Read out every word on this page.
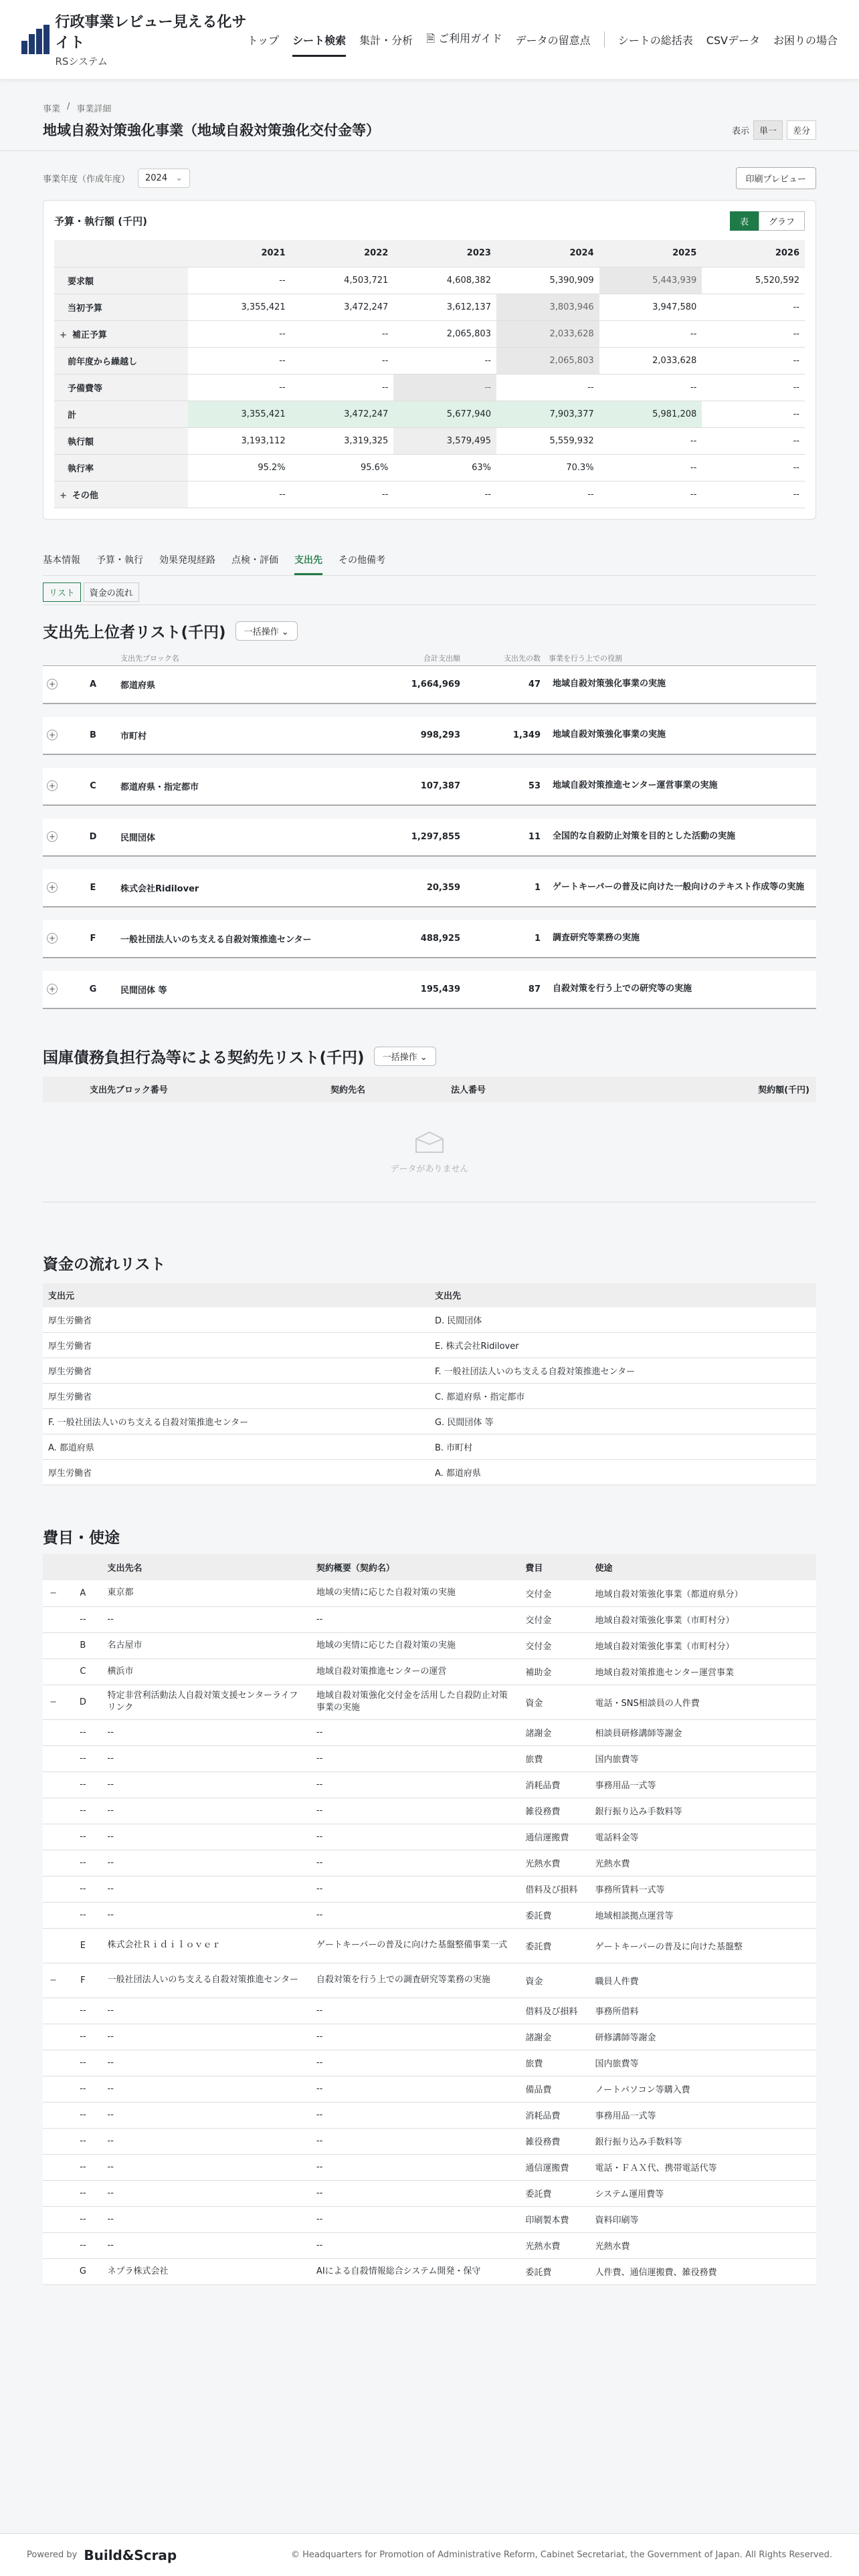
行政事業レビュー見える化サイト
RSシステム
トップ シート検索 集計・分析 🗎 ご利用ガイド データの留意点	シートの総括表 CSVデータ お困りの場合
事業 / 事業詳細
地域自殺対策強化事業（地域自殺対策強化交付金等）	表示	単一	差分
事業年度（作成年度）	2024 ⌄	印刷プレビュー
予算・執行額 (千円)	表	グラフ
	2021	2022	2023	2024	2025	2026
要求額	--	4,503,721	4,608,382	5,390,909	5,443,939	5,520,592
当初予算	3,355,421	3,472,247	3,612,137	3,803,946	3,947,580	--
+ 補正予算	--	--	2,065,803	2,033,628	--	--
前年度から繰越し	--	--	--	2,065,803	2,033,628	--
予備費等	--	--	--	--	--	--
計	3,355,421	3,472,247	5,677,940	7,903,377	5,981,208	--
執行額	3,193,112	3,319,325	3,579,495	5,559,932	--	--
執行率	95.2%	95.6%	63%	70.3%	--	--
+ その他	--	--	--	--	--	--
基本情報 予算・執行 効果発現経路 点検・評価 支出先 その他備考
リスト	資金の流れ
支出先上位者リスト(千円)	一括操作 ⌄
		支出先ブロック名	合計支出額	支出先の数	事業を行う上での役割
+	A	都道府県	1,664,969	47	地域自殺対策強化事業の実施

+	B	市町村	998,293	1,349	地域自殺対策強化事業の実施

+	C	都道府県・指定都市	107,387	53	地域自殺対策推進センター運営事業の実施

+	D	民間団体	1,297,855	11	全国的な自殺防止対策を目的とした活動の実施

+	E	株式会社Ridilover	20,359	1	ゲートキーパーの普及に向けた一般向けのテキスト作成等の実施

+	F	一般社団法人いのち支える自殺対策推進センター	488,925	1	調査研究等業務の実施

+	G	民間団体 等	195,439	87	自殺対策を行う上での研究等の実施
国庫債務負担行為等による契約先リスト(千円)	一括操作 ⌄
支出先ブロック番号	契約先名	法人番号	契約額(千円)
データがありません
資金の流れリスト
支出元	支出先
厚生労働省	D. 民間団体
厚生労働省	E. 株式会社Ridilover
厚生労働省	F. 一般社団法人いのち支える自殺対策推進センター
厚生労働省	C. 都道府県・指定都市
F. 一般社団法人いのち支える自殺対策推進センター	G. 民間団体 等
A. 都道府県	B. 市町村
厚生労働省	A. 都道府県
費目・使途
		支出先名	契約概要（契約名）	費目	使途
−	A	東京都	地域の実情に応じた自殺対策の実施	交付金	地域自殺対策強化事業（都道府県分）
	--	--	--	交付金	地域自殺対策強化事業（市町村分）
	B	名古屋市	地域の実情に応じた自殺対策の実施	交付金	地域自殺対策強化事業（市町村分）
	C	横浜市	地域自殺対策推進センターの運営	補助金	地域自殺対策推進センター運営事業
−	D	特定非営利活動法人自殺対策支援センターライフリンク	地域自殺対策強化交付金を活用した自殺防止対策事業の実施	資金	電話・SNS相談員の人件費
	--	--	--	諸謝金	相談員研修講師等謝金
	--	--	--	旅費	国内旅費等
	--	--	--	消耗品費	事務用品一式等
	--	--	--	雑役務費	銀行振り込み手数料等
	--	--	--	通信運搬費	電話料金等
	--	--	--	光熱水費	光熱水費
	--	--	--	借料及び損料	事務所賃料一式等
	--	--	--	委託費	地域相談拠点運営等
	E	株式会社Ｒｉｄｉｌｏｖｅｒ	ゲートキーパーの普及に向けた基盤整備事業一式	委託費	ゲートキーパーの普及に向けた基盤整
−	F	一般社団法人いのち支える自殺対策推進センター	自殺対策を行う上での調査研究等業務の実施	資金	職員人件費
	--	--	--	借料及び損料	事務所借料
	--	--	--	諸謝金	研修講師等謝金
	--	--	--	旅費	国内旅費等
	--	--	--	備品費	ノートパソコン等購入費
	--	--	--	消耗品費	事務用品一式等
	--	--	--	雑役務費	銀行振り込み手数料等
	--	--	--	通信運搬費	電話・ＦＡＸ代、携帯電話代等
	--	--	--	委託費	システム運用費等
	--	--	--	印刷製本費	資料印刷等
	--	--	--	光熱水費	光熱水費
	G	ネプラ株式会社	AIによる自殺情報総合システム開発・保守	委託費	人件費、通信運搬費、雑役務費
Powered by Build&Scrap	© Headquarters for Promotion of Administrative Reform, Cabinet Secretariat, the Government of Japan. All Rights Reserved.
